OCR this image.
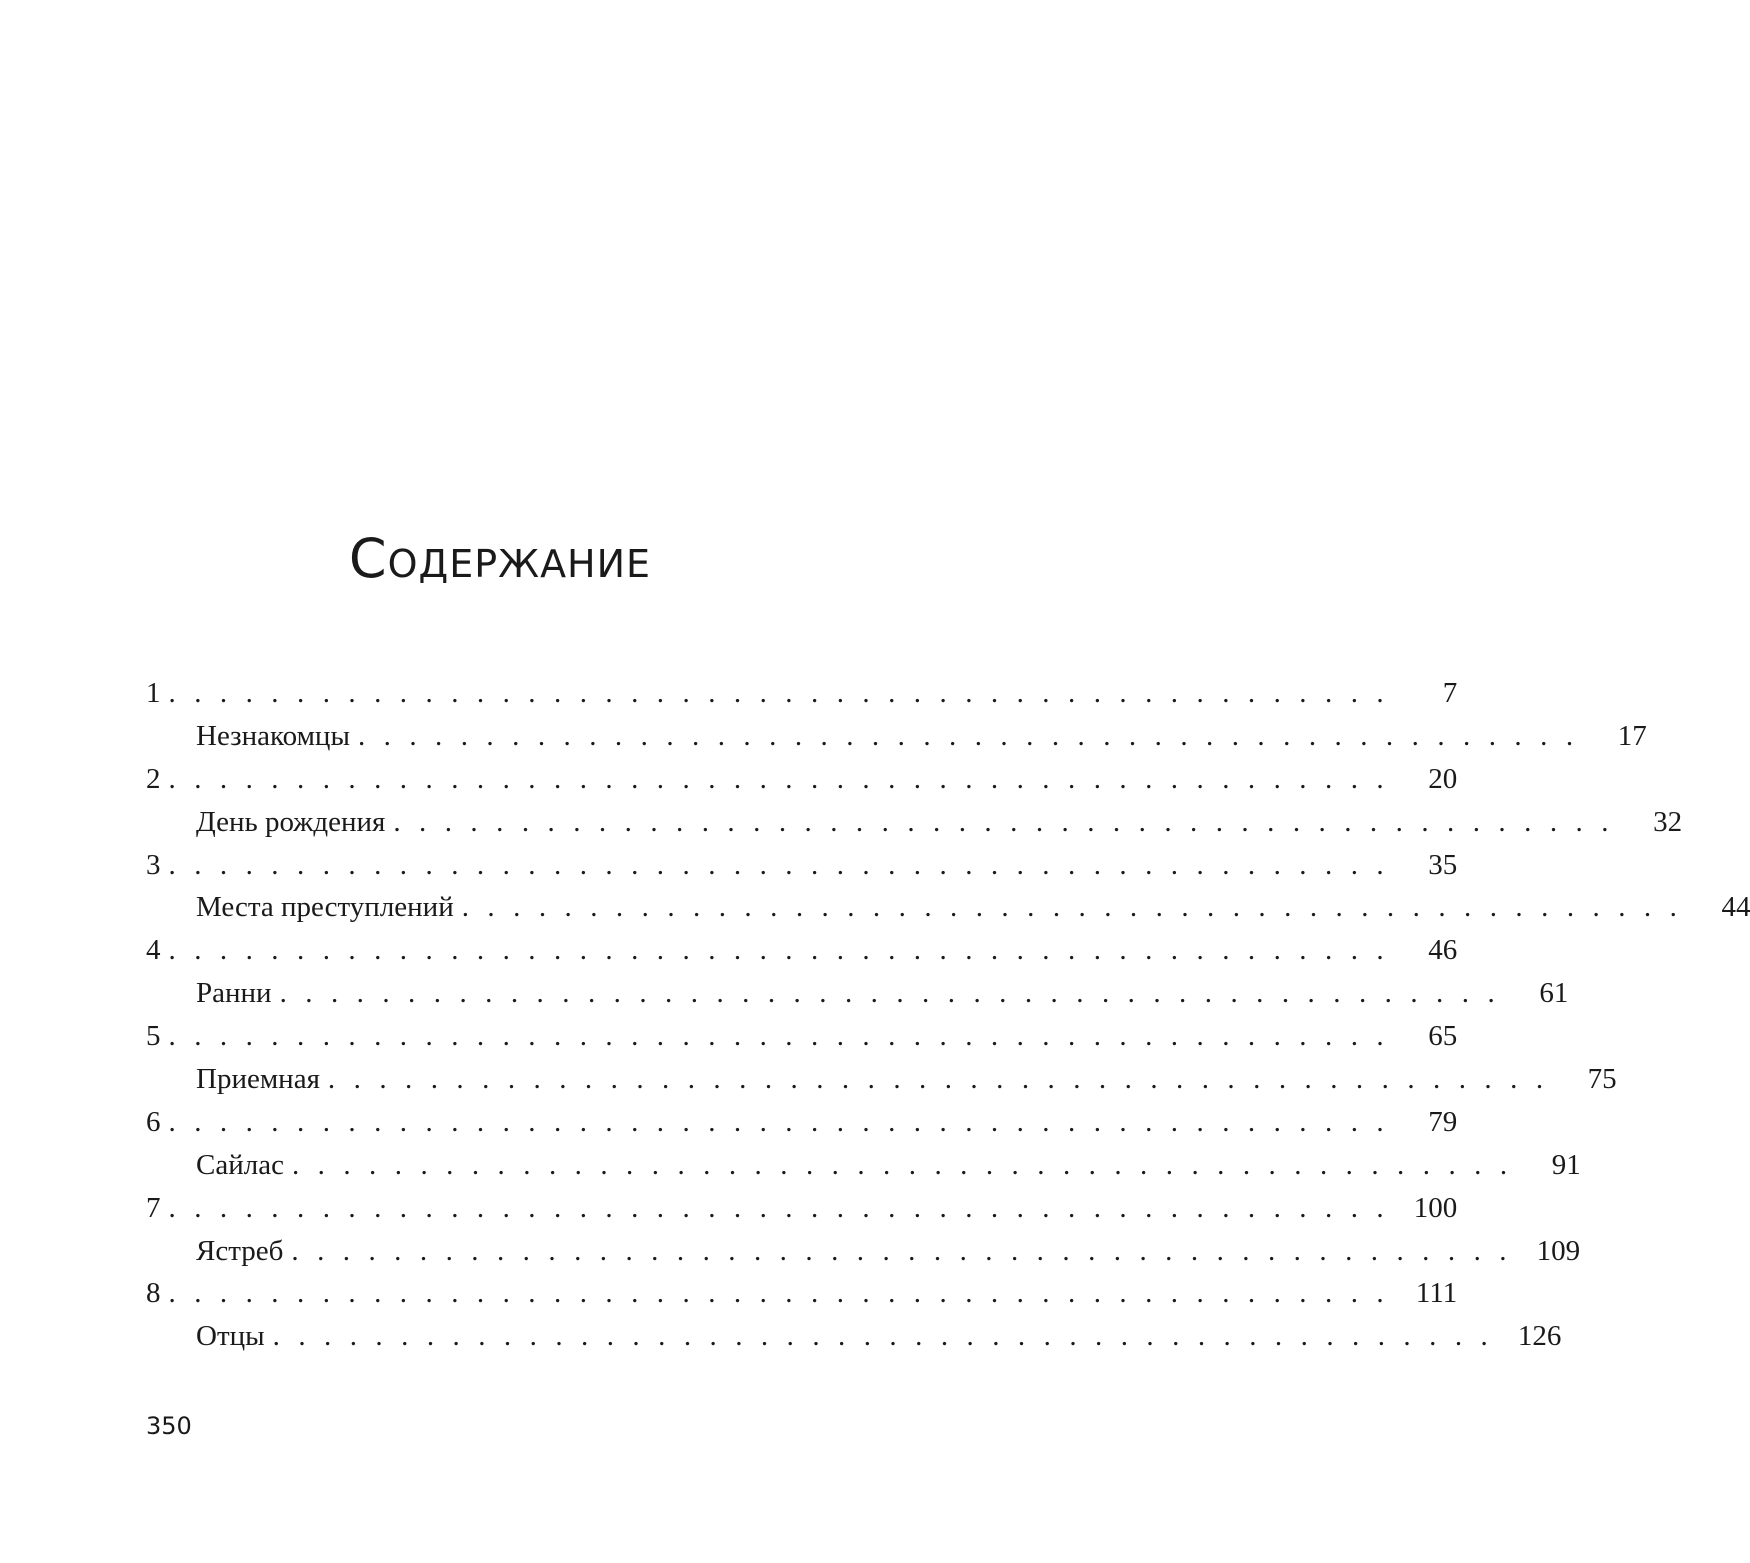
Содержание
1 . . . . . . . . . . . . . . . . . . . . . . . . . . . . . . . . . . . . . . . . . . . . . . . .	7
Незнакомцы . . . . . . . . . . . . . . . . . . . . . . . . . . . . . . . . . . . . . . . . . . . . . . . .	17
2 . . . . . . . . . . . . . . . . . . . . . . . . . . . . . . . . . . . . . . . . . . . . . . . .	20
День рождения . . . . . . . . . . . . . . . . . . . . . . . . . . . . . . . . . . . . . . . . . . . . . . . .	32
3 . . . . . . . . . . . . . . . . . . . . . . . . . . . . . . . . . . . . . . . . . . . . . . . .	35
Места преступлений . . . . . . . . . . . . . . . . . . . . . . . . . . . . . . . . . . . . . . . . . . . . . . . .	44
4 . . . . . . . . . . . . . . . . . . . . . . . . . . . . . . . . . . . . . . . . . . . . . . . .	46
Ранни . . . . . . . . . . . . . . . . . . . . . . . . . . . . . . . . . . . . . . . . . . . . . . . .	61
5 . . . . . . . . . . . . . . . . . . . . . . . . . . . . . . . . . . . . . . . . . . . . . . . .	65
Приемная . . . . . . . . . . . . . . . . . . . . . . . . . . . . . . . . . . . . . . . . . . . . . . . .	75
6 . . . . . . . . . . . . . . . . . . . . . . . . . . . . . . . . . . . . . . . . . . . . . . . .	79
Сайлас . . . . . . . . . . . . . . . . . . . . . . . . . . . . . . . . . . . . . . . . . . . . . . . .	91
7 . . . . . . . . . . . . . . . . . . . . . . . . . . . . . . . . . . . . . . . . . . . . . . . . 100
Ястреб . . . . . . . . . . . . . . . . . . . . . . . . . . . . . . . . . . . . . . . . . . . . . . . . 109
8 . . . . . . . . . . . . . . . . . . . . . . . . . . . . . . . . . . . . . . . . . . . . . . . . 111
Отцы . . . . . . . . . . . . . . . . . . . . . . . . . . . . . . . . . . . . . . . . . . . . . . . . 126
350
